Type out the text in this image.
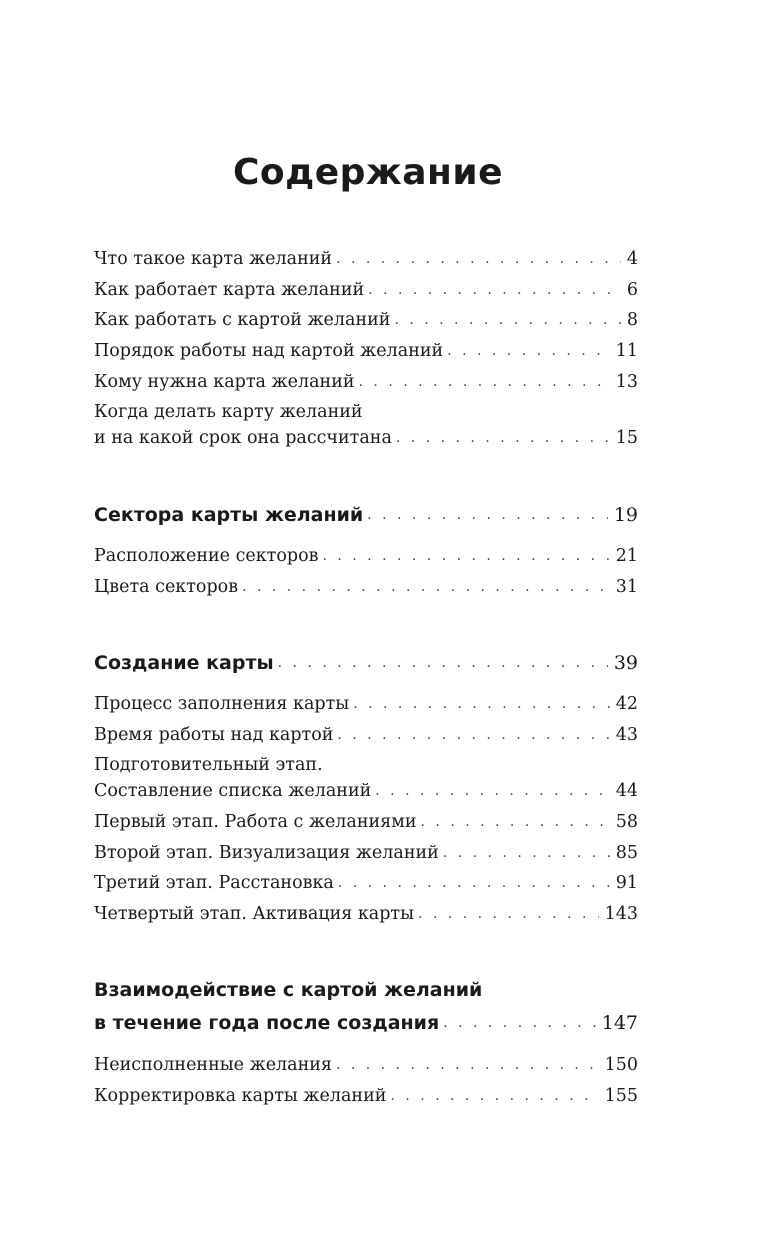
Содержание
Что такое карта желаний . . .	4
Как работает карта желаний . . .	6
Как работать с картой желаний . . .	8
Порядок работы над картой желаний . . .	11
Кому нужна карта желаний . . .	13
Когда делать карту желаний
и на какой срок она рассчитана . . .	15
Сектора карты желаний . . .	19
Расположение секторов . . .	21
Цвета секторов . . .	31
Создание карты . . .	39
Процесс заполнения карты . . .	42
Время работы над картой . . .	43
Подготовительный этап.
Составление списка желаний . . .	44
Первый этап. Работа с желаниями . . .	58
Второй этап. Визуализация желаний . . .	85
Третий этап. Расстановка . . .	91
Четвертый этап. Активация карты . . .	143
Взаимодействие с картой желаний
в течение года после создания . . .	147
Неисполненные желания . . .	150
Корректировка карты желаний . . .	155
